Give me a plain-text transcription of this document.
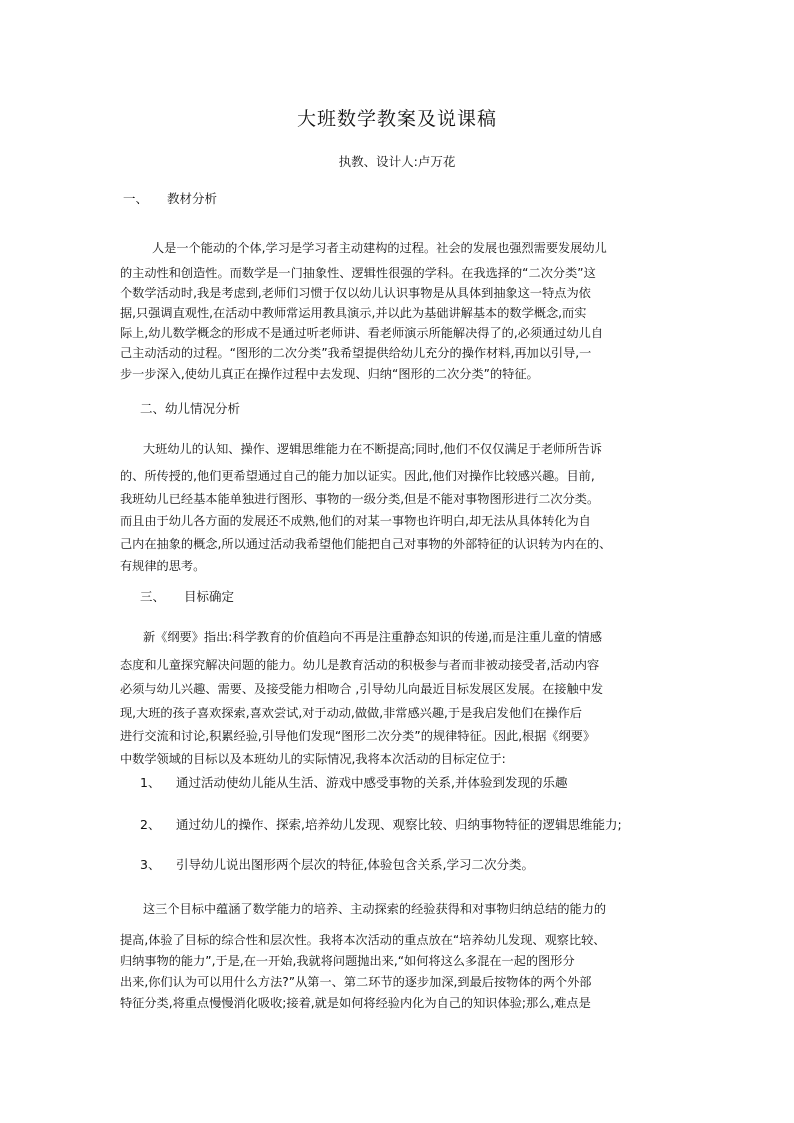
大班数学教案及说课稿
执教、设计人:卢万花
一、 教材分析
人是一个能动的个体,学习是学习者主动建构的过程。社会的发展也强烈需要发展幼儿
的主动性和创造性。而数学是一门抽象性、逻辑性很强的学科。在我选择的“二次分类”这
个数学活动时,我是考虑到,老师们习惯于仅以幼儿认识事物是从具体到抽象这一特点为依
据,只强调直观性,在活动中教师常运用教具演示,并以此为基础讲解基本的数学概念,而实
际上,幼儿数学概念的形成不是通过听老师讲、看老师演示所能解决得了的,必须通过幼儿自
己主动活动的过程。“图形的二次分类”我希望提供给幼儿充分的操作材料,再加以引导,一
步一步深入,使幼儿真正在操作过程中去发现、归纳“图形的二次分类”的特征。
二、幼儿情况分析
大班幼儿的认知、操作、逻辑思维能力在不断提高;同时,他们不仅仅满足于老师所告诉
的、所传授的,他们更希望通过自己的能力加以证实。因此,他们对操作比较感兴趣。目前,
我班幼儿已经基本能单独进行图形、事物的一级分类,但是不能对事物图形进行二次分类。
而且由于幼儿各方面的发展还不成熟,他们的对某一事物也许明白,却无法从具体转化为自
己内在抽象的概念,所以通过活动我希望他们能把自己对事物的外部特征的认识转为内在的、
有规律的思考。
三、 目标确定
新《纲要》指出:科学教育的价值趋向不再是注重静态知识的传递,而是注重儿童的情感
态度和儿童探究解决问题的能力。幼儿是教育活动的积极参与者而非被动接受者,活动内容
必须与幼儿兴趣、需要、及接受能力相吻合 ,引导幼儿向最近目标发展区发展。在接触中发
现,大班的孩子喜欢探索,喜欢尝试,对于动动,做做,非常感兴趣,于是我启发他们在操作后
进行交流和讨论,积累经验,引导他们发现“图形二次分类”的规律特征。因此,根据《纲要》
中数学领域的目标以及本班幼儿的实际情况,我将本次活动的目标定位于:
1、 通过活动使幼儿能从生活、游戏中感受事物的关系,并体验到发现的乐趣
2、 通过幼儿的操作、探索,培养幼儿发现、观察比较、归纳事物特征的逻辑思维能力;
3、 引导幼儿说出图形两个层次的特征,体验包含关系,学习二次分类。
这三个目标中蕴涵了数学能力的培养、主动探索的经验获得和对事物归纳总结的能力的
提高,体验了目标的综合性和层次性。我将本次活动的重点放在“培养幼儿发现、观察比较、
归纳事物的能力”,于是,在一开始,我就将问题抛出来,“如何将这么多混在一起的图形分
出来,你们认为可以用什么方法?”从第一、第二环节的逐步加深,到最后按物体的两个外部
特征分类,将重点慢慢消化吸收;接着,就是如何将经验内化为自己的知识体验;那么,难点是
